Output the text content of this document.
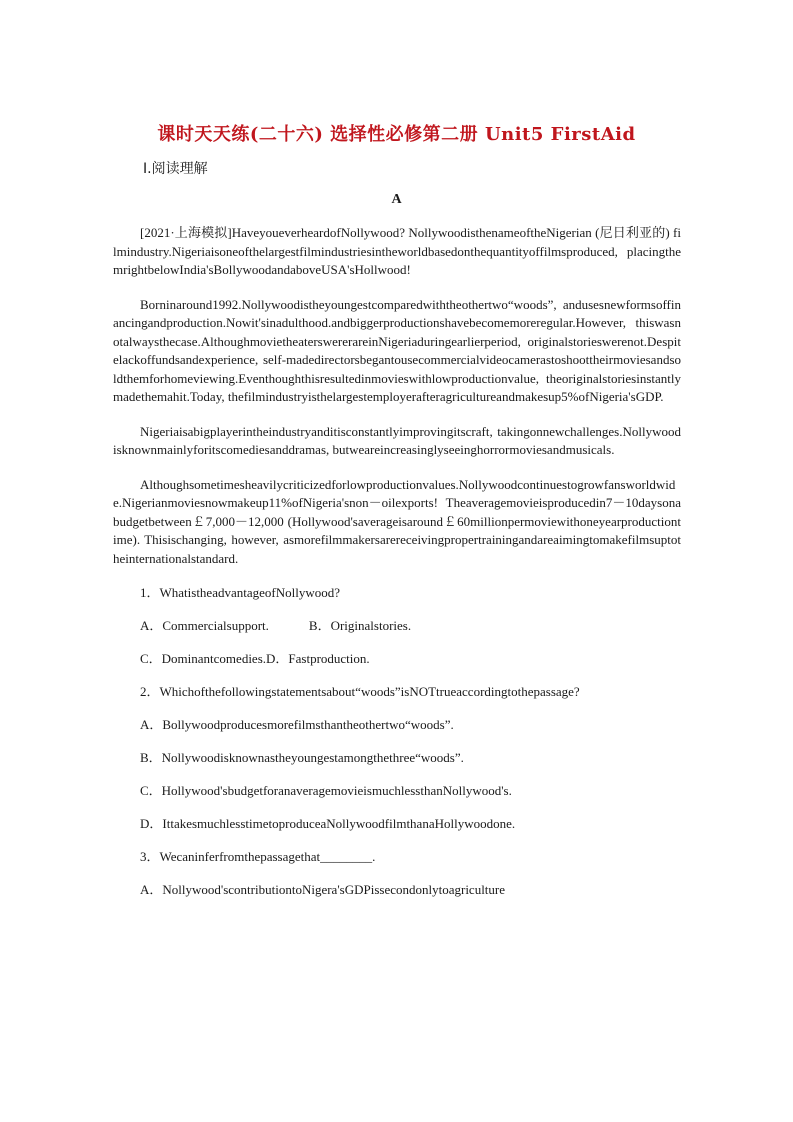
课时天天练(二十六) 选择性必修第二册 Unit5 FirstAid
Ⅰ.阅读理解
A

[2021·上海模拟]HaveyoueverheardofNollywood? NollywoodisthenameoftheNigerian (尼日利亚的) filmindustry.Nigeriaisoneofthelargestfilmindustriesintheworldbasedonthequantityoffilmsproduced, placingthemrightbelowIndia'sBollywoodandaboveUSA'sHollwood!

Borninaround1992.Nollywoodistheyoungestcomparedwiththeothertwo“woods”, andusesnewformsoffinancingandproduction.Nowit'sinadulthood.andbiggerproductionshavebecomemoreregular.However, thiswasnotalwaysthecase.AlthoughmovietheaterswererareinNigeriaduringearlierperiod, originalstorieswerenot.Despitelackoffundsandexperience, self-madedirectorsbegantousecommercialvideocamerastoshoottheirmoviesandsoldthemforhomeviewing.Eventhoughthisresultedinmovieswithlowproductionvalue, theoriginalstoriesinstantlymadethemahit.Today, thefilmindustryisthelargestemployerafteragricultureandmakesup5%ofNigeria'sGDP.

Nigeriaisabigplayerintheindustryanditisconstantlyimprovingitscraft, takingonnewchallenges.Nollywoodisknownmainlyforitscomediesanddramas, butweareincreasinglyseeinghorrormoviesandmusicals.

Althoughsometimesheavilycriticizedforlowproductionvalues.Nollywoodcontinuestogrowfansworldwide.Nigerianmoviesnowmakeup11%ofNigeria'snon－oilexports! Theaveragemovieisproducedin7－10daysonabudgetbetween￡7,000－12,000 (Hollywood'saverageisaround￡60millionpermoviewithoneyearproductiontime). Thisischanging, however, asmorefilmmakersarereceivingpropertrainingandareaimingtomakefilmsuptotheinternationalstandard.

1．WhatistheadvantageofNollywood?
A．Commercialsupport.	B．Originalstories.
C．Dominantcomedies.D．Fastproduction.
2．Whichofthefollowingstatementsabout“woods”isNOTtrueaccordingtothepassage?
A．Bollywoodproducesmorefilmsthantheothertwo“woods”.
B．Nollywoodisknownastheyoungestamongthethree“woods”.
C．Hollywood'sbudgetforanaveragemovieismuchlessthanNollywood's.
D．IttakesmuchlesstimetoproduceaNollywoodfilmthanaHollywoodone.
3．Wecaninferfromthepassagethat________.
A．Nollywood'scontributiontoNigera'sGDPissecondonlytoagriculture
